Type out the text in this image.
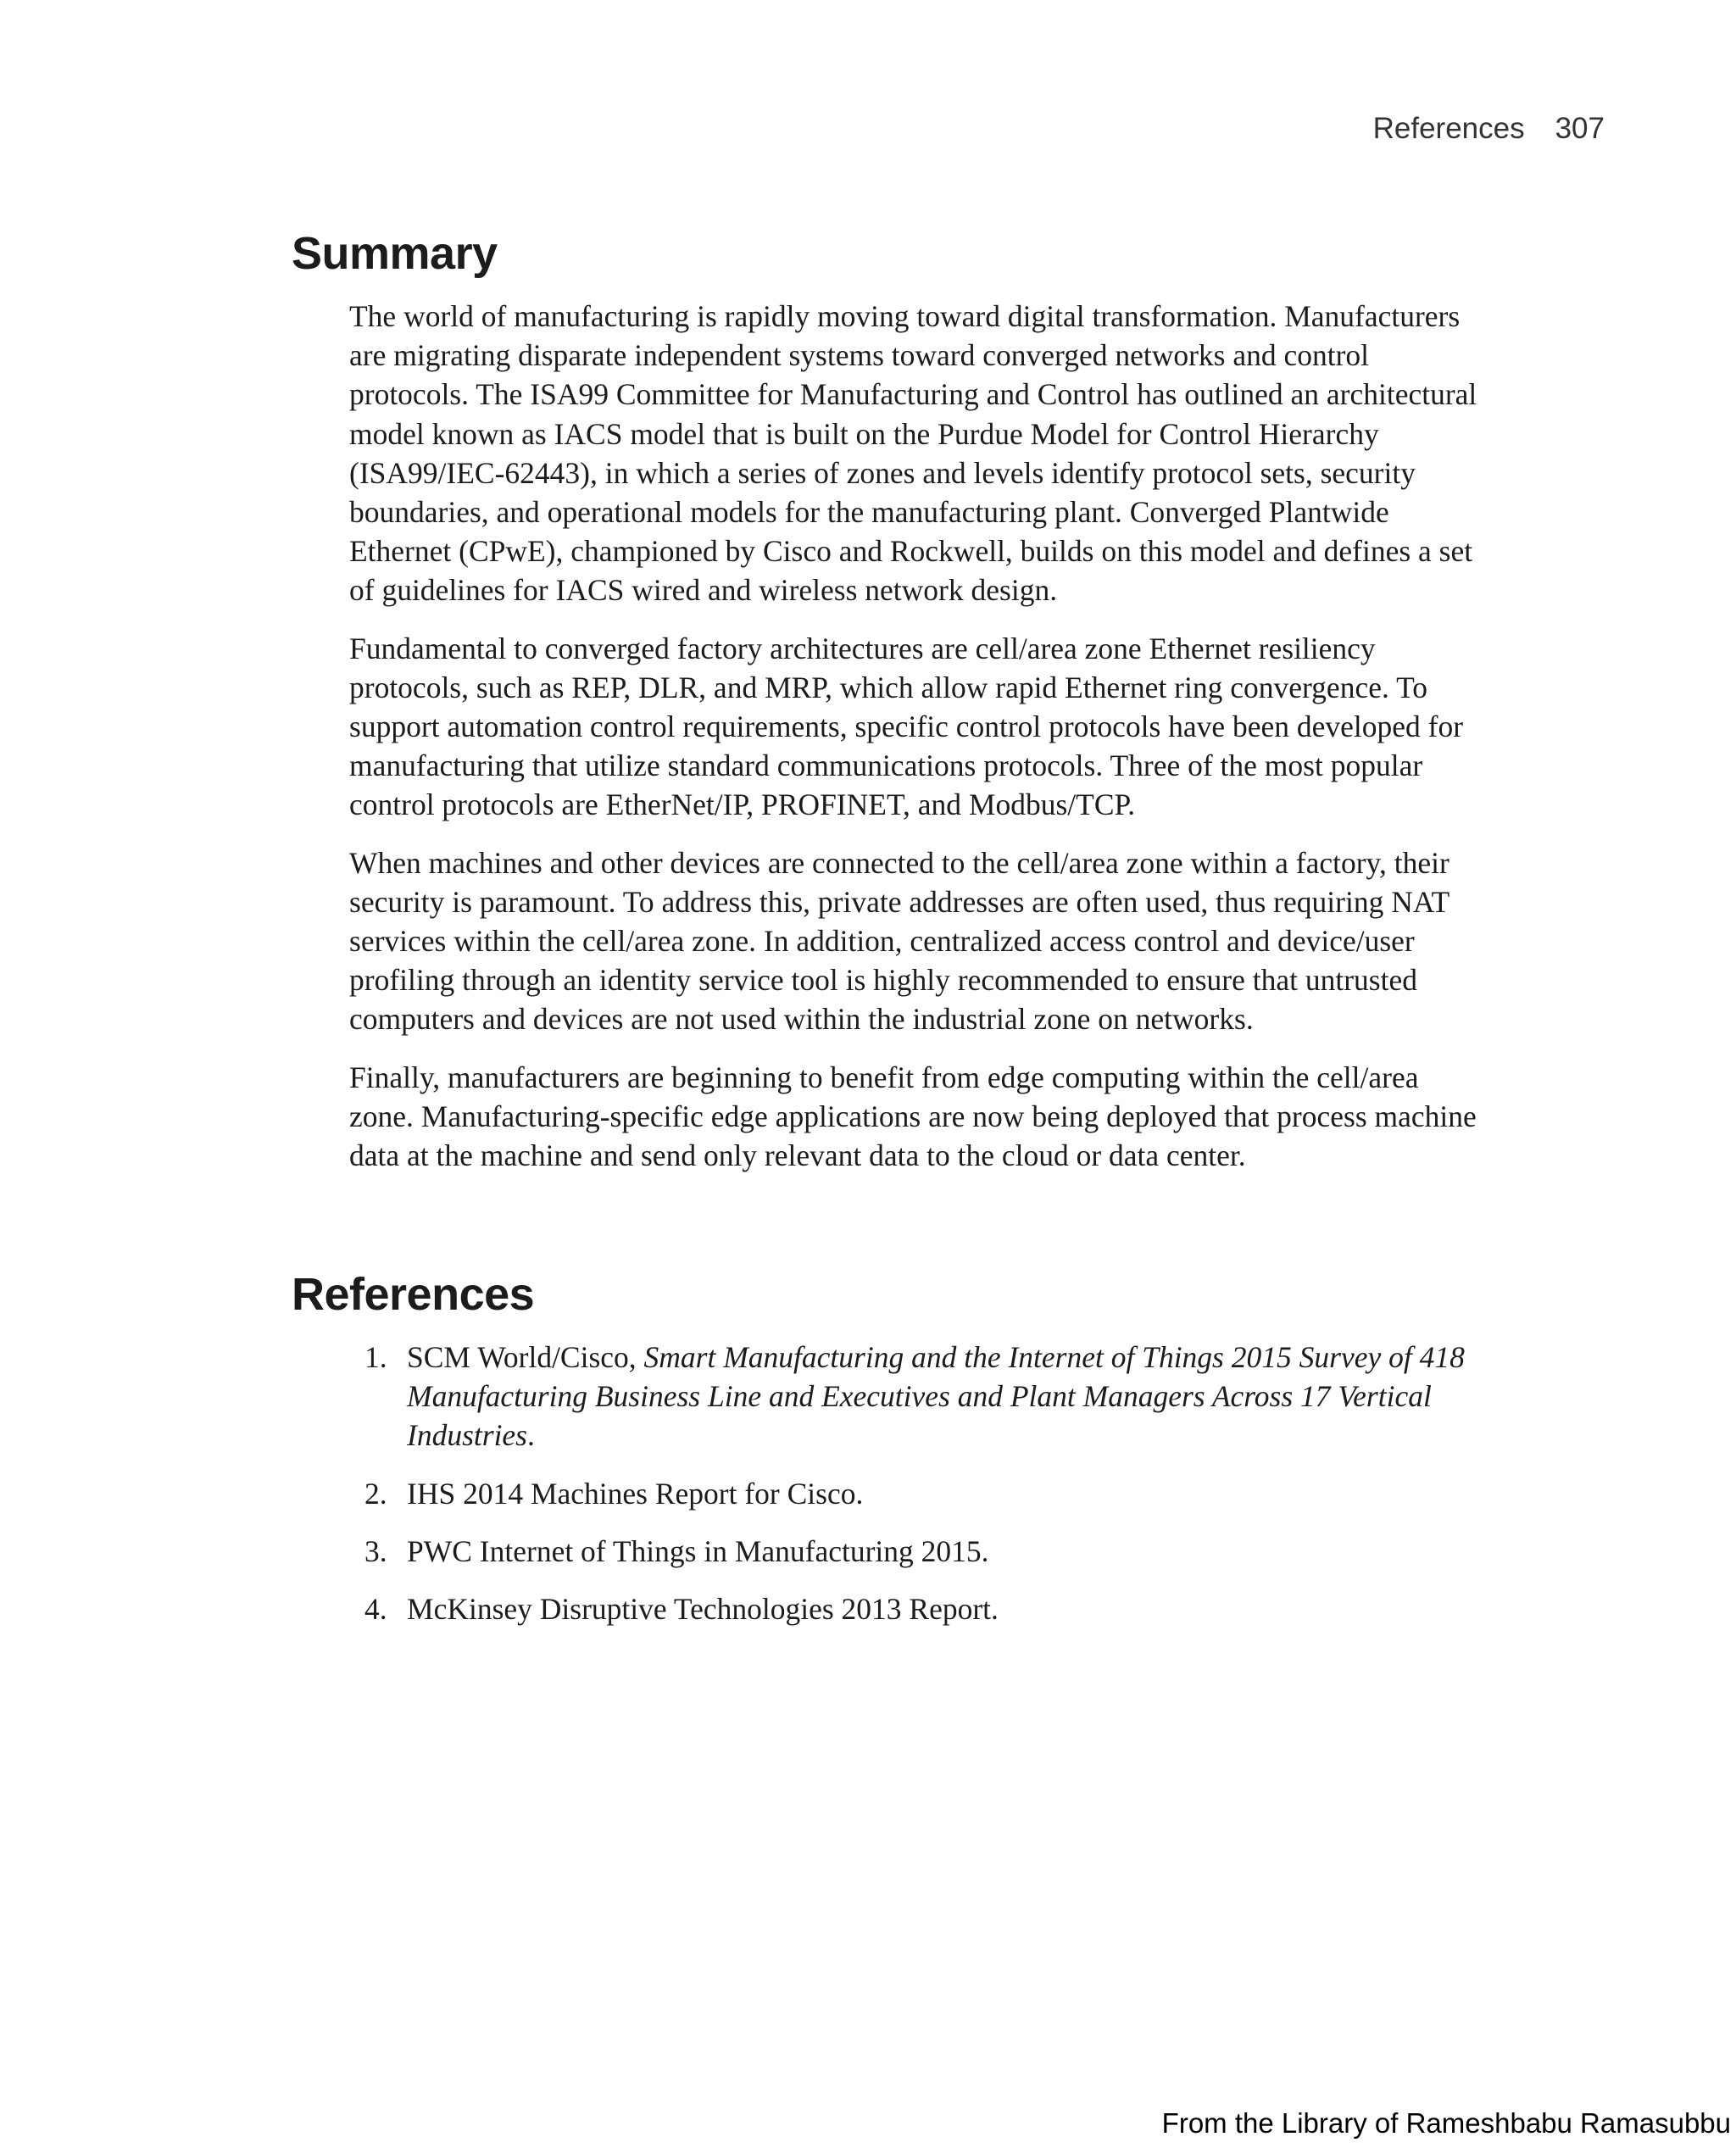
References 307
Summary

The world of manufacturing is rapidly moving toward digital transformation. Manufacturers are migrating disparate independent systems toward converged networks and control protocols. The ISA99 Committee for Manufacturing and Control has outlined an architectural model known as IACS model that is built on the Purdue Model for Control Hierarchy (ISA99/IEC-62443), in which a series of zones and levels identify protocol sets, security boundaries, and operational models for the manufacturing plant. Converged Plantwide Ethernet (CPwE), championed by Cisco and Rockwell, builds on this model and defines a set of guidelines for IACS wired and wireless network design.

Fundamental to converged factory architectures are cell/area zone Ethernet resiliency protocols, such as REP, DLR, and MRP, which allow rapid Ethernet ring convergence. To support automation control requirements, specific control protocols have been developed for manufacturing that utilize standard communications protocols. Three of the most popular control protocols are EtherNet/IP, PROFINET, and Modbus/TCP.

When machines and other devices are connected to the cell/area zone within a factory, their security is paramount. To address this, private addresses are often used, thus requiring NAT services within the cell/area zone. In addition, centralized access control and device/user profiling through an identity service tool is highly recommended to ensure that untrusted computers and devices are not used within the industrial zone on networks.

Finally, manufacturers are beginning to benefit from edge computing within the cell/area zone. Manufacturing-specific edge applications are now being deployed that process machine data at the machine and send only relevant data to the cloud or data center.

References
1. SCM World/Cisco, Smart Manufacturing and the Internet of Things 2015 Survey of 418 Manufacturing Business Line and Executives and Plant Managers Across 17 Vertical Industries.
2. IHS 2014 Machines Report for Cisco.
3. PWC Internet of Things in Manufacturing 2015.
4. McKinsey Disruptive Technologies 2013 Report.
From the Library of Rameshbabu Ramasubbu
